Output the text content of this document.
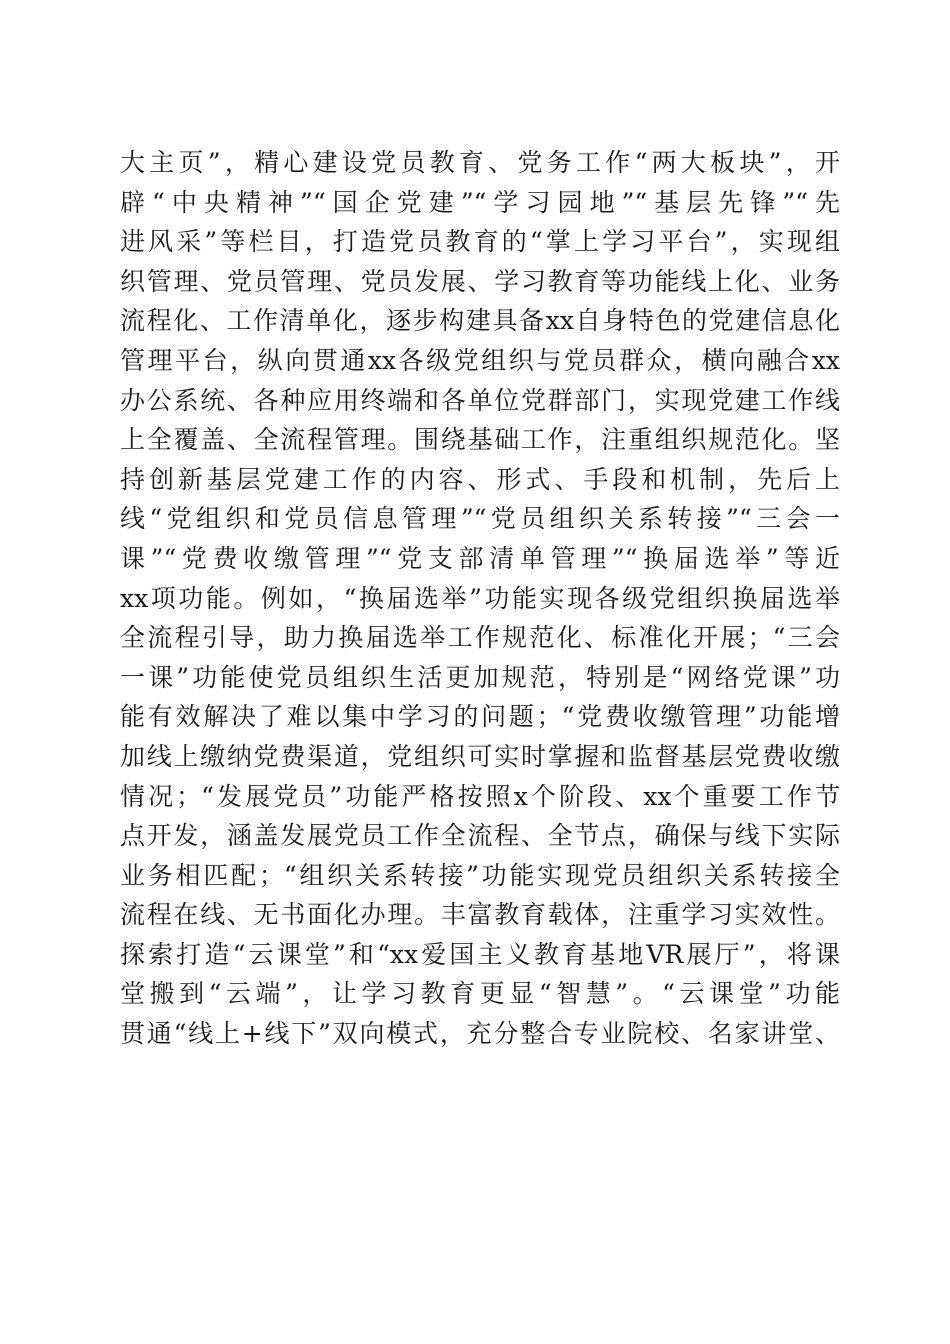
大主页”，精心建设党员教育、党务工作“两大板块”，开
辟“中央精神”“国企党建”“学习园地”“基层先锋”“先
进风采”等栏目，打造党员教育的“掌上学习平台”，实现组
织管理、党员管理、党员发展、学习教育等功能线上化、业务
流程化、工作清单化，逐步构建具备xx自身特色的党建信息化
管理平台，纵向贯通xx各级党组织与党员群众，横向融合xx
办公系统、各种应用终端和各单位党群部门，实现党建工作线
上全覆盖、全流程管理。围绕基础工作，注重组织规范化。坚
持创新基层党建工作的内容、形式、手段和机制，先后上
线“党组织和党员信息管理”“党员组织关系转接”“三会一
课”“党费收缴管理”“党支部清单管理”“换届选举”等近
xx项功能。例如，“换届选举”功能实现各级党组织换届选举
全流程引导，助力换届选举工作规范化、标准化开展；“三会
一课”功能使党员组织生活更加规范，特别是“网络党课”功
能有效解决了难以集中学习的问题；“党费收缴管理”功能增
加线上缴纳党费渠道，党组织可实时掌握和监督基层党费收缴
情况；“发展党员”功能严格按照x个阶段、xx个重要工作节
点开发，涵盖发展党员工作全流程、全节点，确保与线下实际
业务相匹配；“组织关系转接”功能实现党员组织关系转接全
流程在线、无书面化办理。丰富教育载体，注重学习实效性。
探索打造“云课堂”和“xx爱国主义教育基地VR展厅”，将课
堂搬到“云端”，让学习教育更显“智慧”。“云课堂”功能
贯通“线上+线下”双向模式，充分整合专业院校、名家讲堂、
